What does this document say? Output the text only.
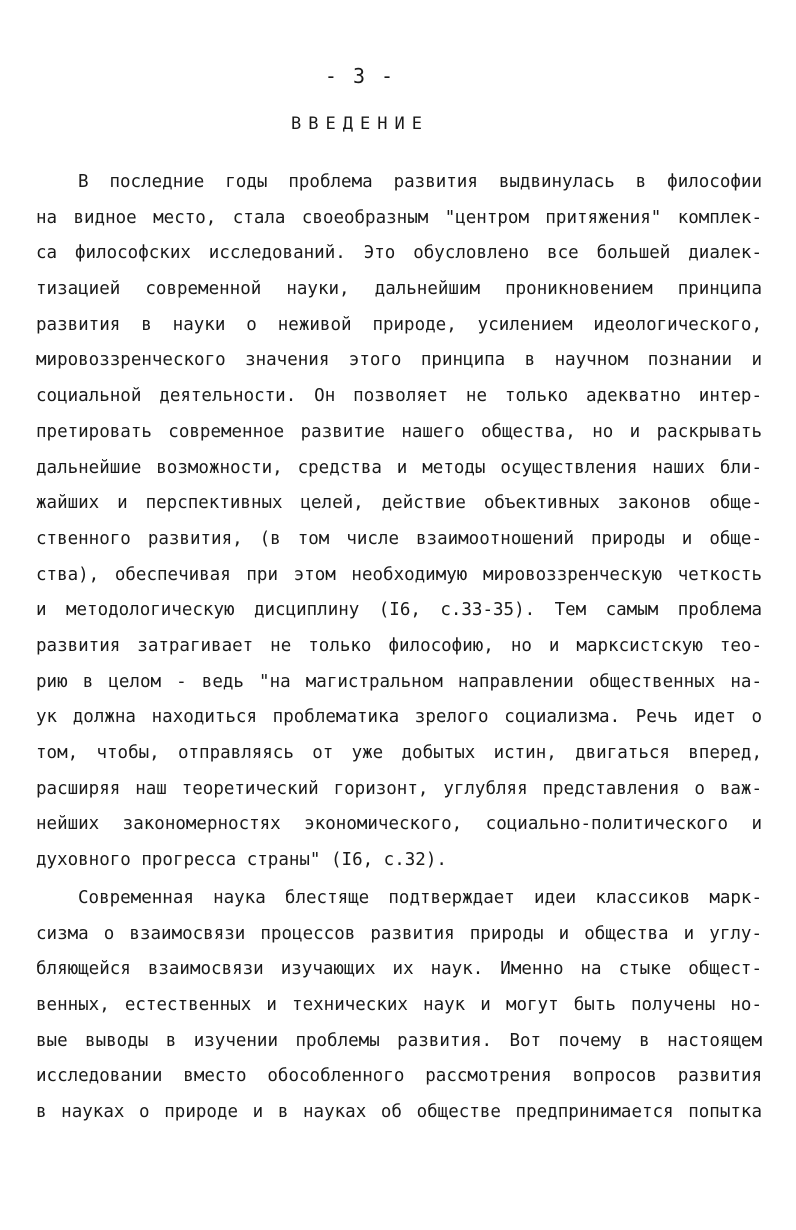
- 3 -
ВВЕДЕНИЕ
В последние годы проблема развития выдвинулась в философии
на видное место, стала своеобразным "центром притяжения" комплек-
са философских исследований. Это обусловлено все большей диалек-
тизацией современной науки, дальнейшим проникновением принципа
развития в науки о неживой природе, усилением идеологического,
мировоззренческого значения этого принципа в научном познании и
социальной деятельности. Он позволяет не только адекватно интер-
претировать современное развитие нашего общества, но и раскрывать
дальнейшие возможности, средства и методы осуществления наших бли-
жайших и перспективных целей, действие объективных законов обще-
ственного развития, (в том числе взаимоотношений природы и обще-
ства), обеспечивая при этом необходимую мировоззренческую четкость
и методологическую дисциплину (I6, с.33-35). Тем самым проблема
развития затрагивает не только философию, но и марксистскую тео-
рию в целом - ведь "на магистральном направлении общественных на-
ук должна находиться проблематика зрелого социализма. Речь идет о
том, чтобы, отправляясь от уже добытых истин, двигаться вперед,
расширяя наш теоретический горизонт, углубляя представления о важ-
нейших закономерностях экономического, социально-политического и
духовного прогресса страны" (I6, с.32).
Современная наука блестяще подтверждает идеи классиков марк-
сизма о взаимосвязи процессов развития природы и общества и углу-
бляющейся взаимосвязи изучающих их наук. Именно на стыке общест-
венных, естественных и технических наук и могут быть получены но-
вые выводы в изучении проблемы развития. Вот почему в настоящем
исследовании вместо обособленного рассмотрения вопросов развития
в науках о природе и в науках об обществе предпринимается попытка
